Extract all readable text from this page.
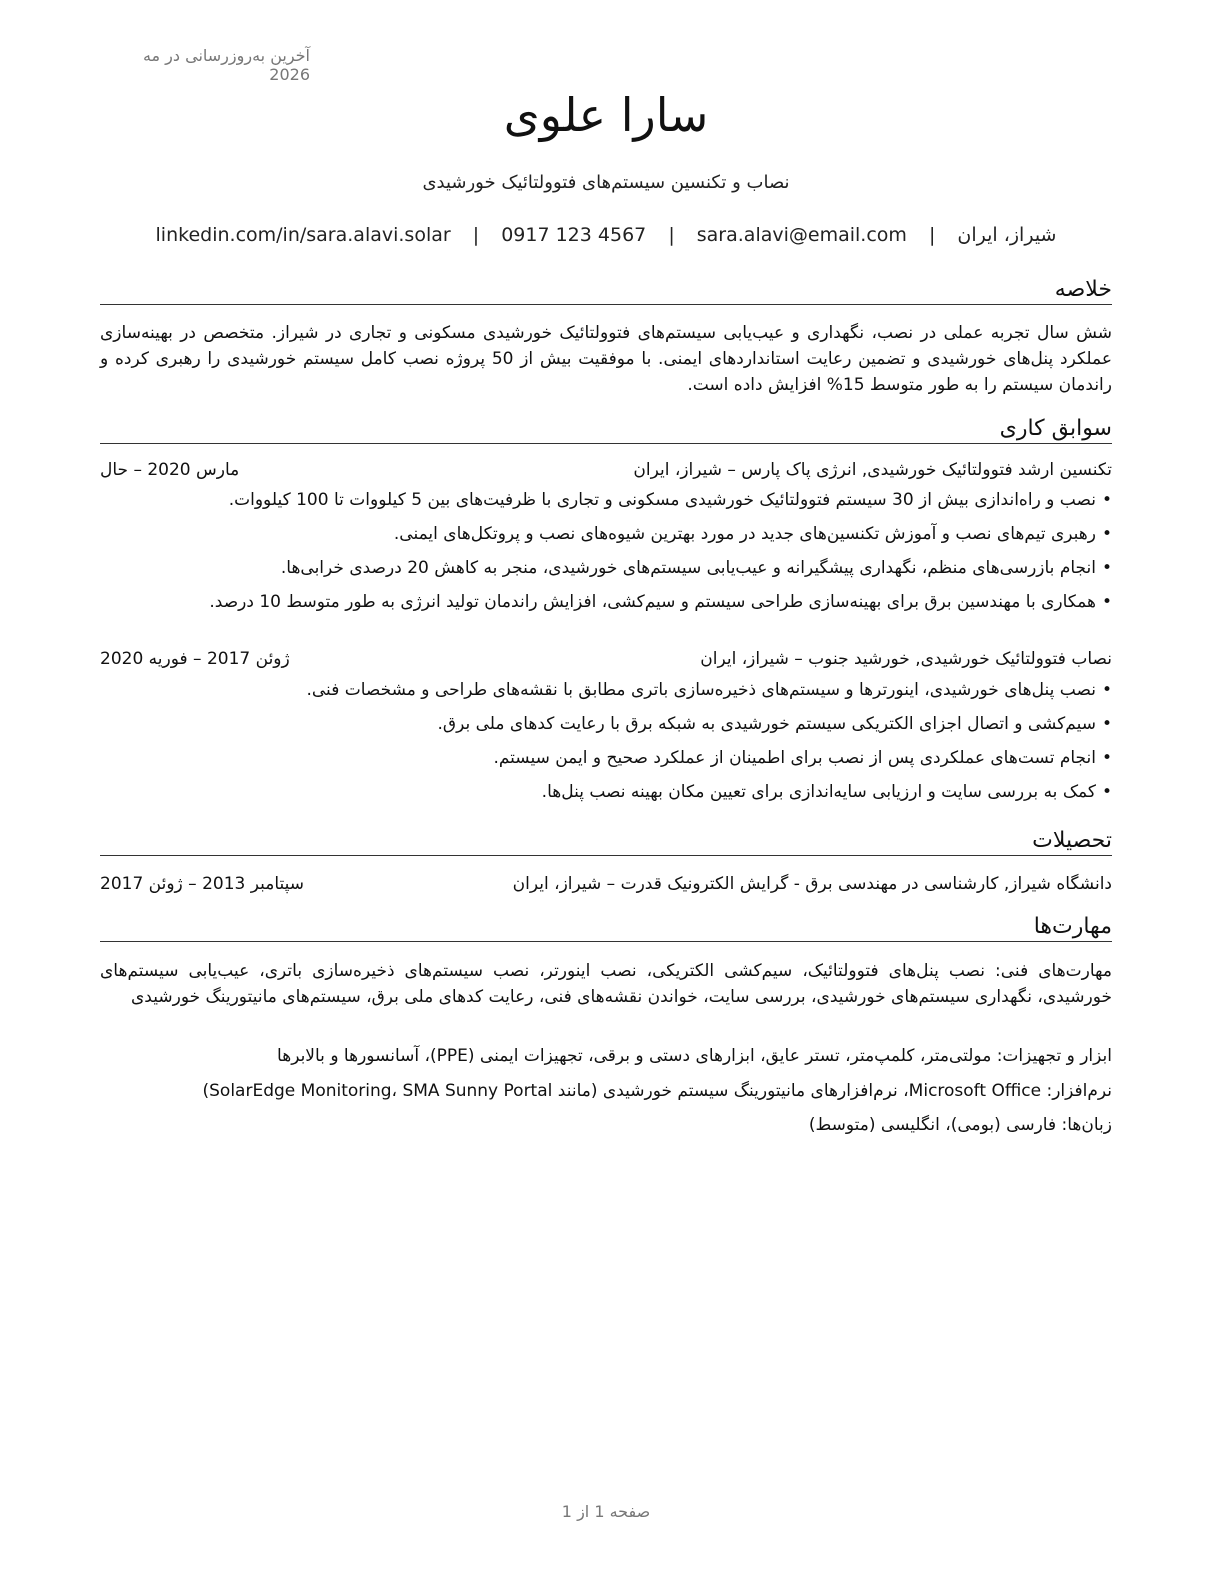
آخرین به‌روزرسانی در مه 2026
سارا علوی
نصاب و تکنسین سیستم‌های فتوولتائیک خورشیدی
شیراز، ایران | sara.alavi@email.com | 0917 123 4567 | linkedin.com/in/sara.alavi.solar
خلاصه

شش سال تجربه عملی در نصب، نگهداری و عیب‌یابی سیستم‌های فتوولتائیک خورشیدی مسکونی و تجاری در شیراز. متخصص در بهینه‌سازی عملکرد پنل‌های خورشیدی و تضمین رعایت استانداردهای ایمنی. با موفقیت بیش از 50 پروژه نصب کامل سیستم خورشیدی را رهبری کرده و راندمان سیستم را به طور متوسط 15% افزایش داده است.

سوابق کاری
تکنسین ارشد فتوولتائیک خورشیدی, انرژی پاک پارس – شیراز، ایران
مارس 2020 – حال
•نصب و راه‌اندازی بیش از 30 سیستم فتوولتائیک خورشیدی مسکونی و تجاری با ظرفیت‌های بین 5 کیلووات تا 100 کیلووات.
•رهبری تیم‌های نصب و آموزش تکنسین‌های جدید در مورد بهترین شیوه‌های نصب و پروتکل‌های ایمنی.
•انجام بازرسی‌های منظم، نگهداری پیشگیرانه و عیب‌یابی سیستم‌های خورشیدی، منجر به کاهش 20 درصدی خرابی‌ها.
•همکاری با مهندسین برق برای بهینه‌سازی طراحی سیستم و سیم‌کشی، افزایش راندمان تولید انرژی به طور متوسط 10 درصد.
نصاب فتوولتائیک خورشیدی, خورشید جنوب – شیراز، ایران
ژوئن 2017 – فوریه 2020
•نصب پنل‌های خورشیدی، اینورترها و سیستم‌های ذخیره‌سازی باتری مطابق با نقشه‌های طراحی و مشخصات فنی.
•سیم‌کشی و اتصال اجزای الکتریکی سیستم خورشیدی به شبکه برق با رعایت کدهای ملی برق.
•انجام تست‌های عملکردی پس از نصب برای اطمینان از عملکرد صحیح و ایمن سیستم.
•کمک به بررسی سایت و ارزیابی سایه‌اندازی برای تعیین مکان بهینه نصب پنل‌ها.
تحصیلات
دانشگاه شیراز, کارشناسی در مهندسی برق - گرایش الکترونیک قدرت – شیراز، ایران
سپتامبر 2013 – ژوئن 2017
مهارت‌ها

مهارت‌های فنی: نصب پنل‌های فتوولتائیک، سیم‌کشی الکتریکی، نصب اینورتر، نصب سیستم‌های ذخیره‌سازی باتری، عیب‌یابی سیستم‌های خورشیدی، نگهداری سیستم‌های خورشیدی، بررسی سایت، خواندن نقشه‌های فنی، رعایت کدهای ملی برق، سیستم‌های مانیتورینگ خورشیدی

ابزار و تجهیزات: مولتی‌متر، کلمپ‌متر، تستر عایق، ابزارهای دستی و برقی، تجهیزات ایمنی (PPE)، آسانسورها و بالابرها

نرم‌افزار: Microsoft Office، نرم‌افزارهای مانیتورینگ سیستم خورشیدی (مانند SolarEdge Monitoring، SMA Sunny Portal)

زبان‌ها: فارسی (بومی)، انگلیسی (متوسط)

صفحه 1 از 1
